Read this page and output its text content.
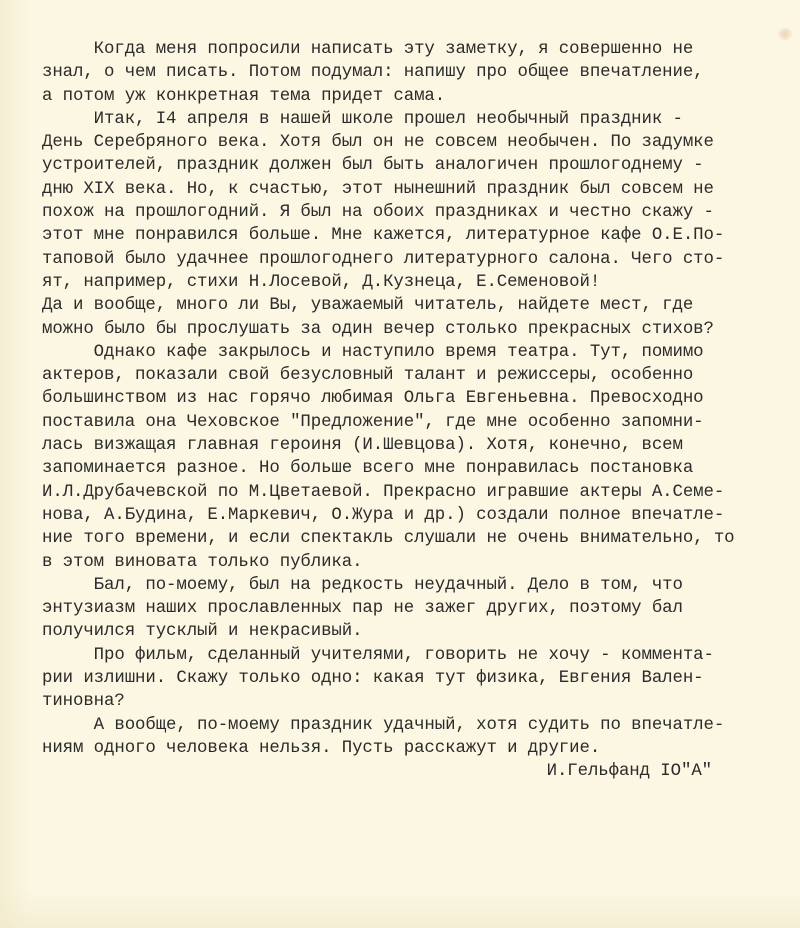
Когда меня попросили написать эту заметку, я совершенно не
знал, о чем писать. Потом подумал: напишу про общее впечатление,
а потом уж конкретная тема придет сама.
Итак, I4 апреля в нашей школе прошел необычный праздник -
День Серебряного века. Хотя был он не совсем необычен. По задумке
устроителей, праздник должен был быть аналогичен прошлогоднему -
дню XIX века. Но, к счастью, этот нынешний праздник был совсем не
похож на прошлогодний. Я был на обоих праздниках и честно скажу -
этот мне понравился больше. Мне кажется, литературное кафе О.Е.По-
таповой было удачнее прошлогоднего литературного салона. Чего сто-
ят, например, стихи Н.Лосевой, Д.Кузнеца, Е.Семеновой!
Да и вообще, много ли Вы, уважаемый читатель, найдете мест, где
можно было бы прослушать за один вечер столько прекрасных стихов?
Однако кафе закрылось и наступило время театра. Тут, помимо
актеров, показали свой безусловный талант и режиссеры, особенно
большинством из нас горячо любимая Ольга Евгеньевна. Превосходно
поставила она Чеховское "Предложение", где мне особенно запомни-
лась визжащая главная героиня (И.Шевцова). Хотя, конечно, всем
запоминается разное. Но больше всего мне понравилась постановка
И.Л.Друбачевской по М.Цветаевой. Прекрасно игравшие актеры А.Семе-
нова, А.Будина, Е.Маркевич, О.Жура и др.) создали полное впечатле-
ние того времени, и если спектакль слушали не очень внимательно, то
в этом виновата только публика.
Бал, по-моему, был на редкость неудачный. Дело в том, что
энтузиазм наших прославленных пар не зажег других, поэтому бал
получился тусклый и некрасивый.
Про фильм, сделанный учителями, говорить не хочу - коммента-
рии излишни. Скажу только одно: какая тут физика, Евгения Вален-
тиновна?
А вообще, по-моему праздник удачный, хотя судить по впечатле-
ниям одного человека нельзя. Пусть расскажут и другие.
И.Гельфанд IO"А"
